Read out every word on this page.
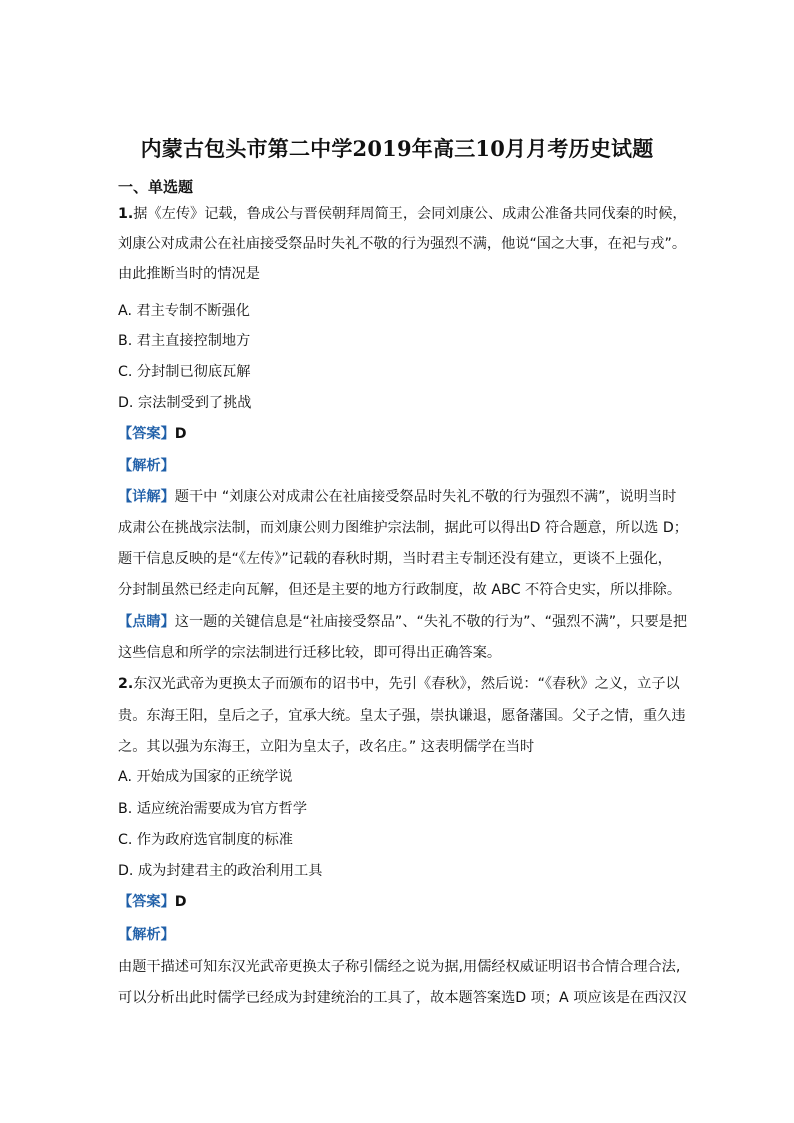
内蒙古包头市第二中学2019年高三10月月考历史试题
一、单选题
1.据《左传》记载，鲁成公与晋侯朝拜周简王，会同刘康公、成肃公准备共同伐秦的时候，
刘康公对成肃公在社庙接受祭品时失礼不敬的行为强烈不满，他说“国之大事，在祀与戎”。
由此推断当时的情况是
A. 君主专制不断强化
B. 君主直接控制地方
C. 分封制已彻底瓦解
D. 宗法制受到了挑战
【答案】D
【解析】
【详解】题干中 “刘康公对成肃公在社庙接受祭品时失礼不敬的行为强烈不满”，说明当时
成肃公在挑战宗法制，而刘康公则力图维护宗法制，据此可以得出D 符合题意，所以选 D；
题干信息反映的是“《左传》”记载的春秋时期，当时君主专制还没有建立，更谈不上强化，
分封制虽然已经走向瓦解，但还是主要的地方行政制度，故 ABC 不符合史实，所以排除。
【点睛】这一题的关键信息是“社庙接受祭品”、“失礼不敬的行为”、“强烈不满”，只要是把
这些信息和所学的宗法制进行迁移比较，即可得出正确答案。
2.东汉光武帝为更换太子而颁布的诏书中，先引《春秋》，然后说：“《春秋》之义，立子以
贵。东海王阳，皇后之子，宜承大统。皇太子强，崇执谦退，愿备藩国。父子之情，重久违
之。其以强为东海王，立阳为皇太子，改名庄。” 这表明儒学在当时
A. 开始成为国家的正统学说
B. 适应统治需要成为官方哲学
C. 作为政府选官制度的标准
D. 成为封建君主的政治利用工具
【答案】D
【解析】
由题干描述可知东汉光武帝更换太子称引儒经之说为据,用儒经权威证明诏书合情合理合法,
可以分析出此时儒学已经成为封建统治的工具了，故本题答案选D 项；A 项应该是在西汉汉
